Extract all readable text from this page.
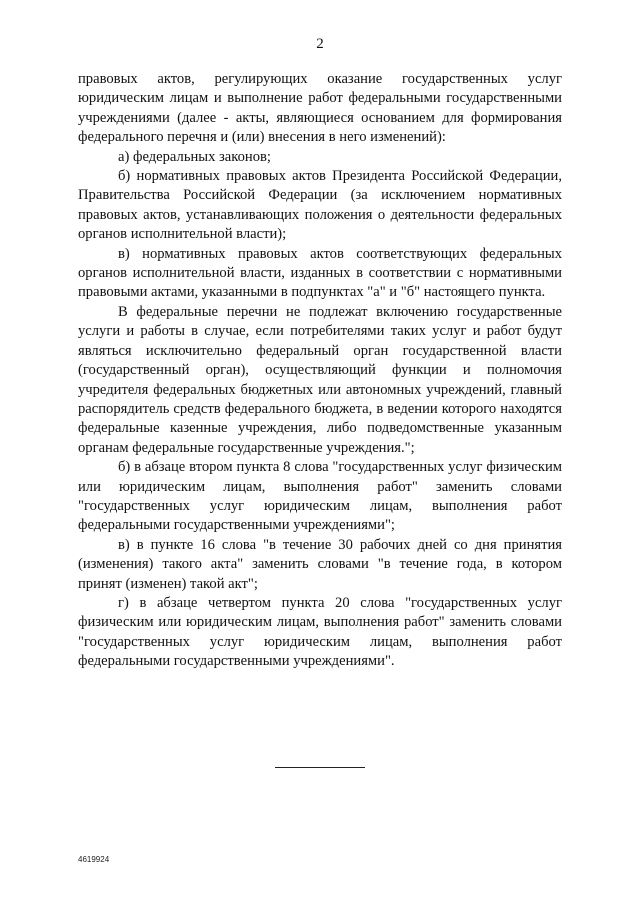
2

правовых актов, регулирующих оказание государственных услуг юридическим лицам и выполнение работ федеральными государственными учреждениями (далее - акты, являющиеся основанием для формирования федерального перечня и (или) внесения в него изменений):

а) федеральных законов;

б) нормативных правовых актов Президента Российской Федерации, Правительства Российской Федерации (за исключением нормативных правовых актов, устанавливающих положения о деятельности федеральных органов исполнительной власти);

в) нормативных правовых актов соответствующих федеральных органов исполнительной власти, изданных в соответствии с нормативными правовыми актами, указанными в подпунктах "а" и "б" настоящего пункта.

В федеральные перечни не подлежат включению государственные услуги и работы в случае, если потребителями таких услуг и работ будут являться исключительно федеральный орган государственной власти (государственный орган), осуществляющий функции и полномочия учредителя федеральных бюджетных или автономных учреждений, главный распорядитель средств федерального бюджета, в ведении которого находятся федеральные казенные учреждения, либо подведомственные указанным органам федеральные государственные учреждения.";

б) в абзаце втором пункта 8 слова "государственных услуг физическим или юридическим лицам, выполнения работ" заменить словами "государственных услуг юридическим лицам, выполнения работ федеральными государственными учреждениями";

в) в пункте 16 слова "в течение 30 рабочих дней со дня принятия (изменения) такого акта" заменить словами "в течение года, в котором принят (изменен) такой акт";

г) в абзаце четвертом пункта 20 слова "государственных услуг физическим или юридическим лицам, выполнения работ" заменить словами "государственных услуг юридическим лицам, выполнения работ федеральными государственными учреждениями".

4619924
